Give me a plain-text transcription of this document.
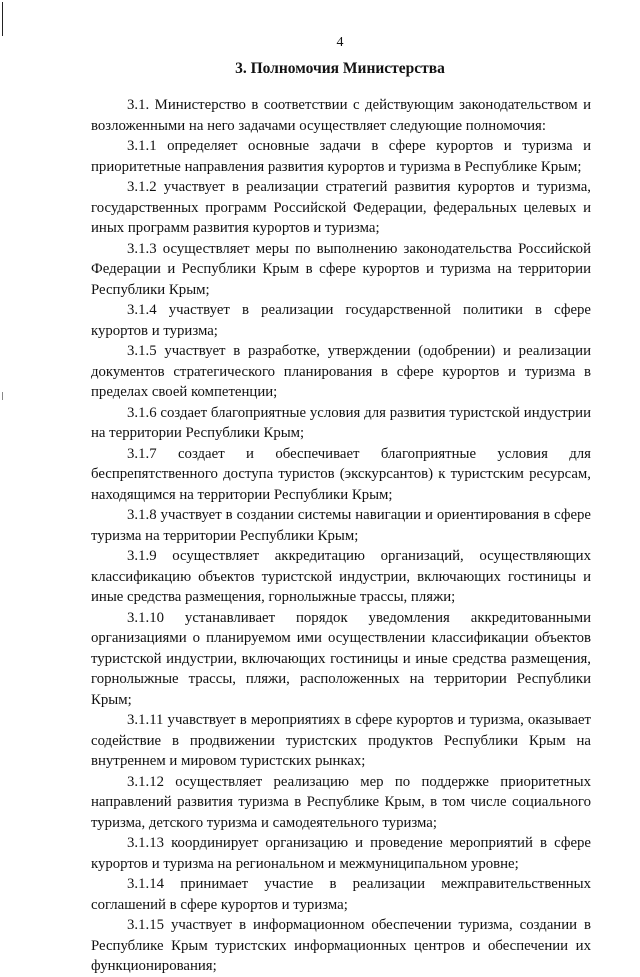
4
3. Полномочия Министерства

3.1. Министерство в соответствии с действующим законодательством и возложенными на него задачами осуществляет следующие полномочия:

3.1.1 определяет основные задачи в сфере курортов и туризма и приоритетные направления развития курортов и туризма в Республике Крым;

3.1.2 участвует в реализации стратегий развития курортов и туризма, государственных программ Российской Федерации, федеральных целевых и иных программ развития курортов и туризма;

3.1.3 осуществляет меры по выполнению законодательства Российской Федерации и Республики Крым в сфере курортов и туризма на территории Республики Крым;

3.1.4 участвует в реализации государственной политики в сфере курортов и туризма;

3.1.5 участвует в разработке, утверждении (одобрении) и реализации документов стратегического планирования в сфере курортов и туризма в пределах своей компетенции;

3.1.6 создает благоприятные условия для развития туристской индустрии на территории Республики Крым;

3.1.7 создает и обеспечивает благоприятные условия для беспрепятственного доступа туристов (экскурсантов) к туристским ресурсам, находящимся на территории Республики Крым;

3.1.8 участвует в создании системы навигации и ориентирования в сфере туризма на территории Республики Крым;

3.1.9 осуществляет аккредитацию организаций, осуществляющих классификацию объектов туристской индустрии, включающих гостиницы и иные средства размещения, горнолыжные трассы, пляжи;

3.1.10 устанавливает порядок уведомления аккредитованными организациями о планируемом ими осуществлении классификации объектов туристской индустрии, включающих гостиницы и иные средства размещения, горнолыжные трассы, пляжи, расположенных на территории Республики Крым;

3.1.11 учавствует в мероприятиях в сфере курортов и туризма, оказывает содействие в продвижении туристских продуктов Республики Крым на внутреннем и мировом туристских рынках;

3.1.12 осуществляет реализацию мер по поддержке приоритетных направлений развития туризма в Республике Крым, в том числе социального туризма, детского туризма и самодеятельного туризма;

3.1.13 координирует организацию и проведение мероприятий в сфере курортов и туризма на региональном и межмуниципальном уровне;

3.1.14 принимает участие в реализации межправительственных соглашений в сфере курортов и туризма;

3.1.15 участвует в информационном обеспечении туризма, создании в Республике Крым туристских информационных центров и обеспечении их функционирования;
